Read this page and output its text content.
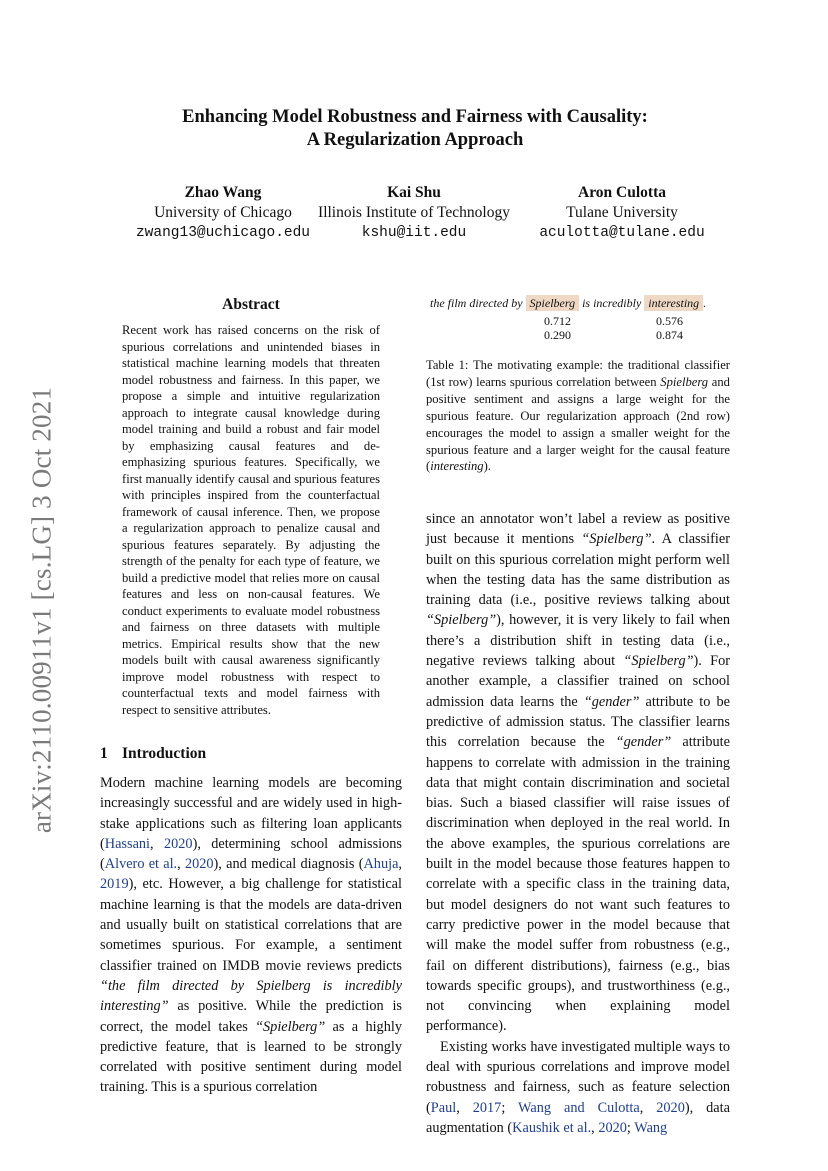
arXiv:2110.00911v1 [cs.LG] 3 Oct 2021
Enhancing Model Robustness and Fairness with Causality:
A Regularization Approach
Zhao Wang
University of Chicago
zwang13@uchicago.edu
Kai Shu
Illinois Institute of Technology
kshu@iit.edu
Aron Culotta
Tulane University
aculotta@tulane.edu
Abstract
Recent work has raised concerns on the risk of spurious correlations and unintended biases in statistical machine learning models that threaten model robustness and fairness. In this paper, we propose a simple and intuitive regularization approach to integrate causal knowledge during model training and build a robust and fair model by emphasizing causal features and de-emphasizing spurious features. Specifically, we first manually identify causal and spurious features with principles inspired from the counterfactual framework of causal inference. Then, we propose a regularization approach to penalize causal and spurious features separately. By adjusting the strength of the penalty for each type of feature, we build a predictive model that relies more on causal features and less on non-causal features. We conduct experiments to evaluate model robustness and fairness on three datasets with multiple metrics. Empirical results show that the new models built with causal awareness significantly improve model robustness with respect to counterfactual texts and model fairness with respect to sensitive attributes.
the film directed by Spielberg is incredibly interesting .
0.712
0.290
0.576
0.874
Table 1: The motivating example: the traditional classifier (1st row) learns spurious correlation between Spielberg and positive sentiment and assigns a large weight for the spurious feature. Our regularization approach (2nd row) encourages the model to assign a smaller weight for the spurious feature and a larger weight for the causal feature (interesting).
1 Introduction

Modern machine learning models are becoming increasingly successful and are widely used in high-stake applications such as filtering loan applicants (Hassani, 2020), determining school admissions (Alvero et al., 2020), and medical diagnosis (Ahuja, 2019), etc. However, a big challenge for statistical machine learning is that the models are data-driven and usually built on statistical correlations that are sometimes spurious. For example, a sentiment classifier trained on IMDB movie reviews predicts “the film directed by Spielberg is incredibly interesting” as positive. While the prediction is correct, the model takes “Spielberg” as a highly predictive feature, that is learned to be strongly correlated with positive sentiment during model training. This is a spurious correlation

since an annotator won’t label a review as positive just because it mentions “Spielberg”. A classifier built on this spurious correlation might perform well when the testing data has the same distribution as training data (i.e., positive reviews talking about “Spielberg”), however, it is very likely to fail when there’s a distribution shift in testing data (i.e., negative reviews talking about “Spielberg”). For another example, a classifier trained on school admission data learns the “gender” attribute to be predictive of admission status. The classifier learns this correlation because the “gender” attribute happens to correlate with admission in the training data that might contain discrimination and societal bias. Such a biased classifier will raise issues of discrimination when deployed in the real world. In the above examples, the spurious correlations are built in the model because those features happen to correlate with a specific class in the training data, but model designers do not want such features to carry predictive power in the model because that will make the model suffer from robustness (e.g., fail on different distributions), fairness (e.g., bias towards specific groups), and trustworthiness (e.g., not convincing when explaining model performance).

Existing works have investigated multiple ways to deal with spurious correlations and improve model robustness and fairness, such as feature selection (Paul, 2017; Wang and Culotta, 2020), data augmentation (Kaushik et al., 2020; Wang
